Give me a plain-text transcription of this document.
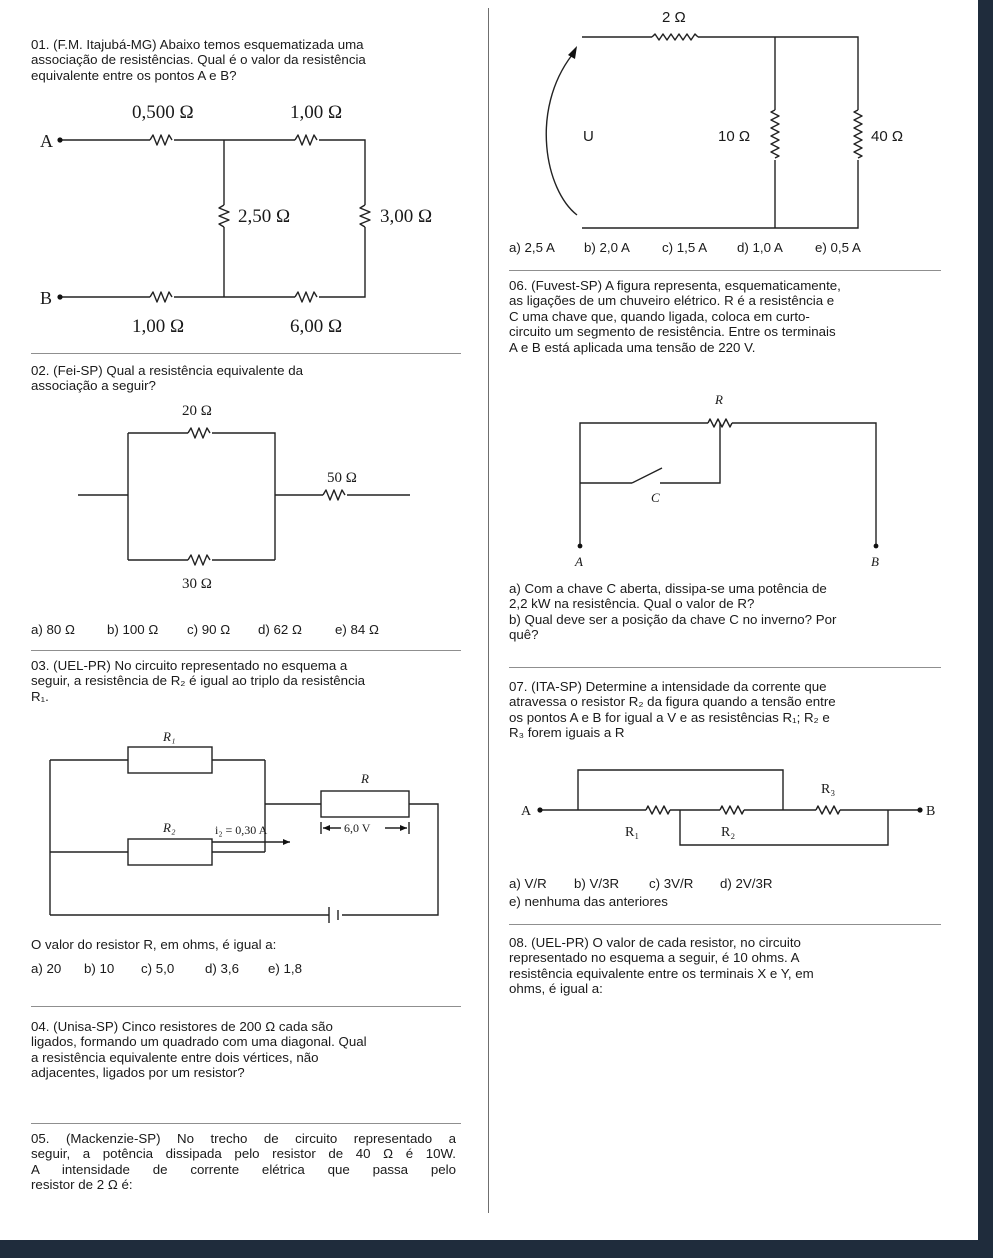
01. (F.M. Itajubá-MG) Abaixo temos esquematizada uma
associação de resistências. Qual é o valor da resistência
equivalente entre os pontos A e B?
A
B
0,500 Ω	1,00 Ω
2,50 Ω	3,00 Ω
1,00 Ω	6,00 Ω
02. (Fei-SP) Qual a resistência equivalente da
associação a seguir?
20 Ω
50 Ω
30 Ω
a) 80 Ω b) 100 Ω c) 90 Ω d) 62 Ω e) 84 Ω
03. (UEL-PR) No circuito representado no esquema a
seguir, a resistência de R₂ é igual ao triplo da resistência
R₁.
R₁
R₂
R
i₂ = 0,30 A	6,0 V
O valor do resistor R, em ohms, é igual a:
a) 20 b) 10 c) 5,0 d) 3,6 e) 1,8
04. (Unisa-SP) Cinco resistores de 200 Ω cada são
ligados, formando um quadrado com uma diagonal. Qual
a resistência equivalente entre dois vértices, não
adjacentes, ligados por um resistor?
05. (Mackenzie-SP) No trecho de circuito representado a
seguir, a potência dissipada pelo resistor de 40 Ω é 10W.
A intensidade de corrente elétrica que passa pelo
resistor de 2 Ω é:
2 Ω
10 Ω	40 Ω
U
a) 2,5 A b) 2,0 A c) 1,5 A d) 1,0 A e) 0,5 A
06. (Fuvest-SP) A figura representa, esquematicamente,
as ligações de um chuveiro elétrico. R é a resistência e
C uma chave que, quando ligada, coloca em curto-
circuito um segmento de resistência. Entre os terminais
A e B está aplicada uma tensão de 220 V.
R
C
A	B
a) Com a chave C aberta, dissipa-se uma potência de
2,2 kW na resistência. Qual o valor de R?
b) Qual deve ser a posição da chave C no inverno? Por
quê?
07. (ITA-SP) Determine a intensidade da corrente que
atravessa o resistor R₂ da figura quando a tensão entre
os pontos A e B for igual a V e as resistências R₁; R₂ e
R₃ forem iguais a R
A	B
R₁	R₂
R₃
a) V/R b) V/3R c) 3V/R d) 2V/3R
e) nenhuma das anteriores
08. (UEL-PR) O valor de cada resistor, no circuito
representado no esquema a seguir, é 10 ohms. A
resistência equivalente entre os terminais X e Y, em
ohms, é igual a:
